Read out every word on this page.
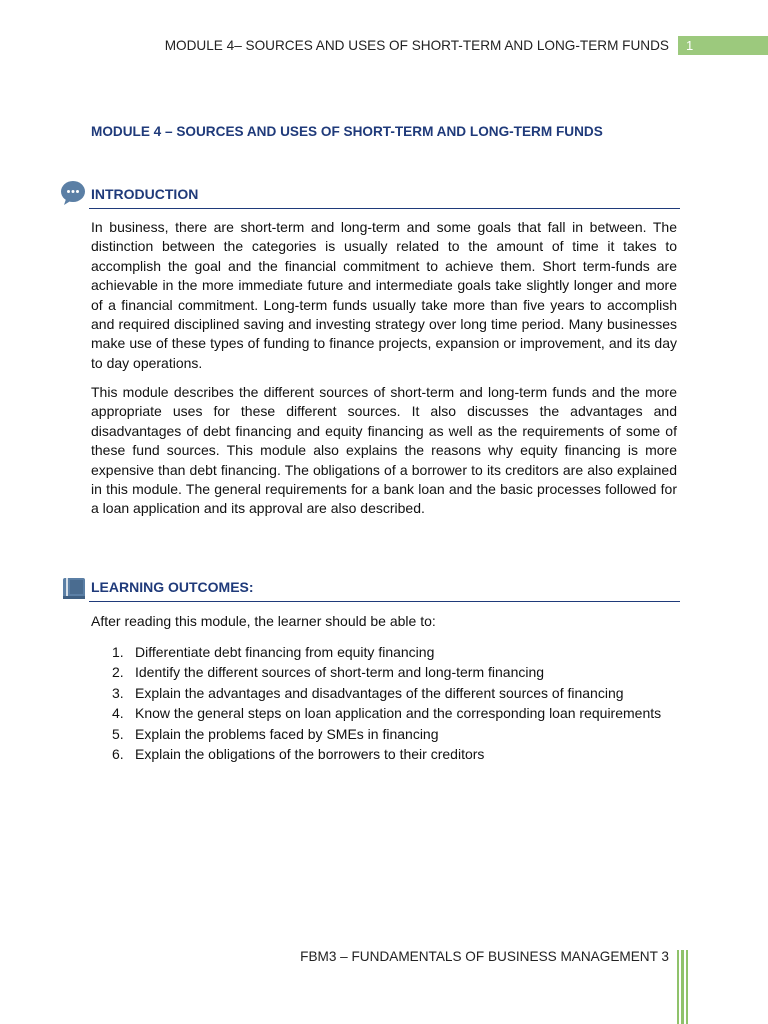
MODULE 4– SOURCES AND USES OF SHORT-TERM AND LONG-TERM FUNDS	1
MODULE 4 – SOURCES AND USES OF SHORT-TERM AND LONG-TERM FUNDS
INTRODUCTION

In business, there are short-term and long-term and some goals that fall in between. The distinction between the categories is usually related to the amount of time it takes to accomplish the goal and the financial commitment to achieve them. Short term-funds are achievable in the more immediate future and intermediate goals take slightly longer and more of a financial commitment. Long-term funds usually take more than five years to accomplish and required disciplined saving and investing strategy over long time period. Many businesses make use of these types of funding to finance projects, expansion or improvement, and its day to day operations.

This module describes the different sources of short-term and long-term funds and the more appropriate uses for these different sources. It also discusses the advantages and disadvantages of debt financing and equity financing as well as the requirements of some of these fund sources. This module also explains the reasons why equity financing is more expensive than debt financing. The obligations of a borrower to its creditors are also explained in this module. The general requirements for a bank loan and the basic processes followed for a loan application and its approval are also described.

LEARNING OUTCOMES:
After reading this module, the learner should be able to:
1. Differentiate debt financing from equity financing
2. Identify the different sources of short-term and long-term financing
3. Explain the advantages and disadvantages of the different sources of financing
4. Know the general steps on loan application and the corresponding loan requirements
5. Explain the problems faced by SMEs in financing
6. Explain the obligations of the borrowers to their creditors
FBM3 – FUNDAMENTALS OF BUSINESS MANAGEMENT 3
